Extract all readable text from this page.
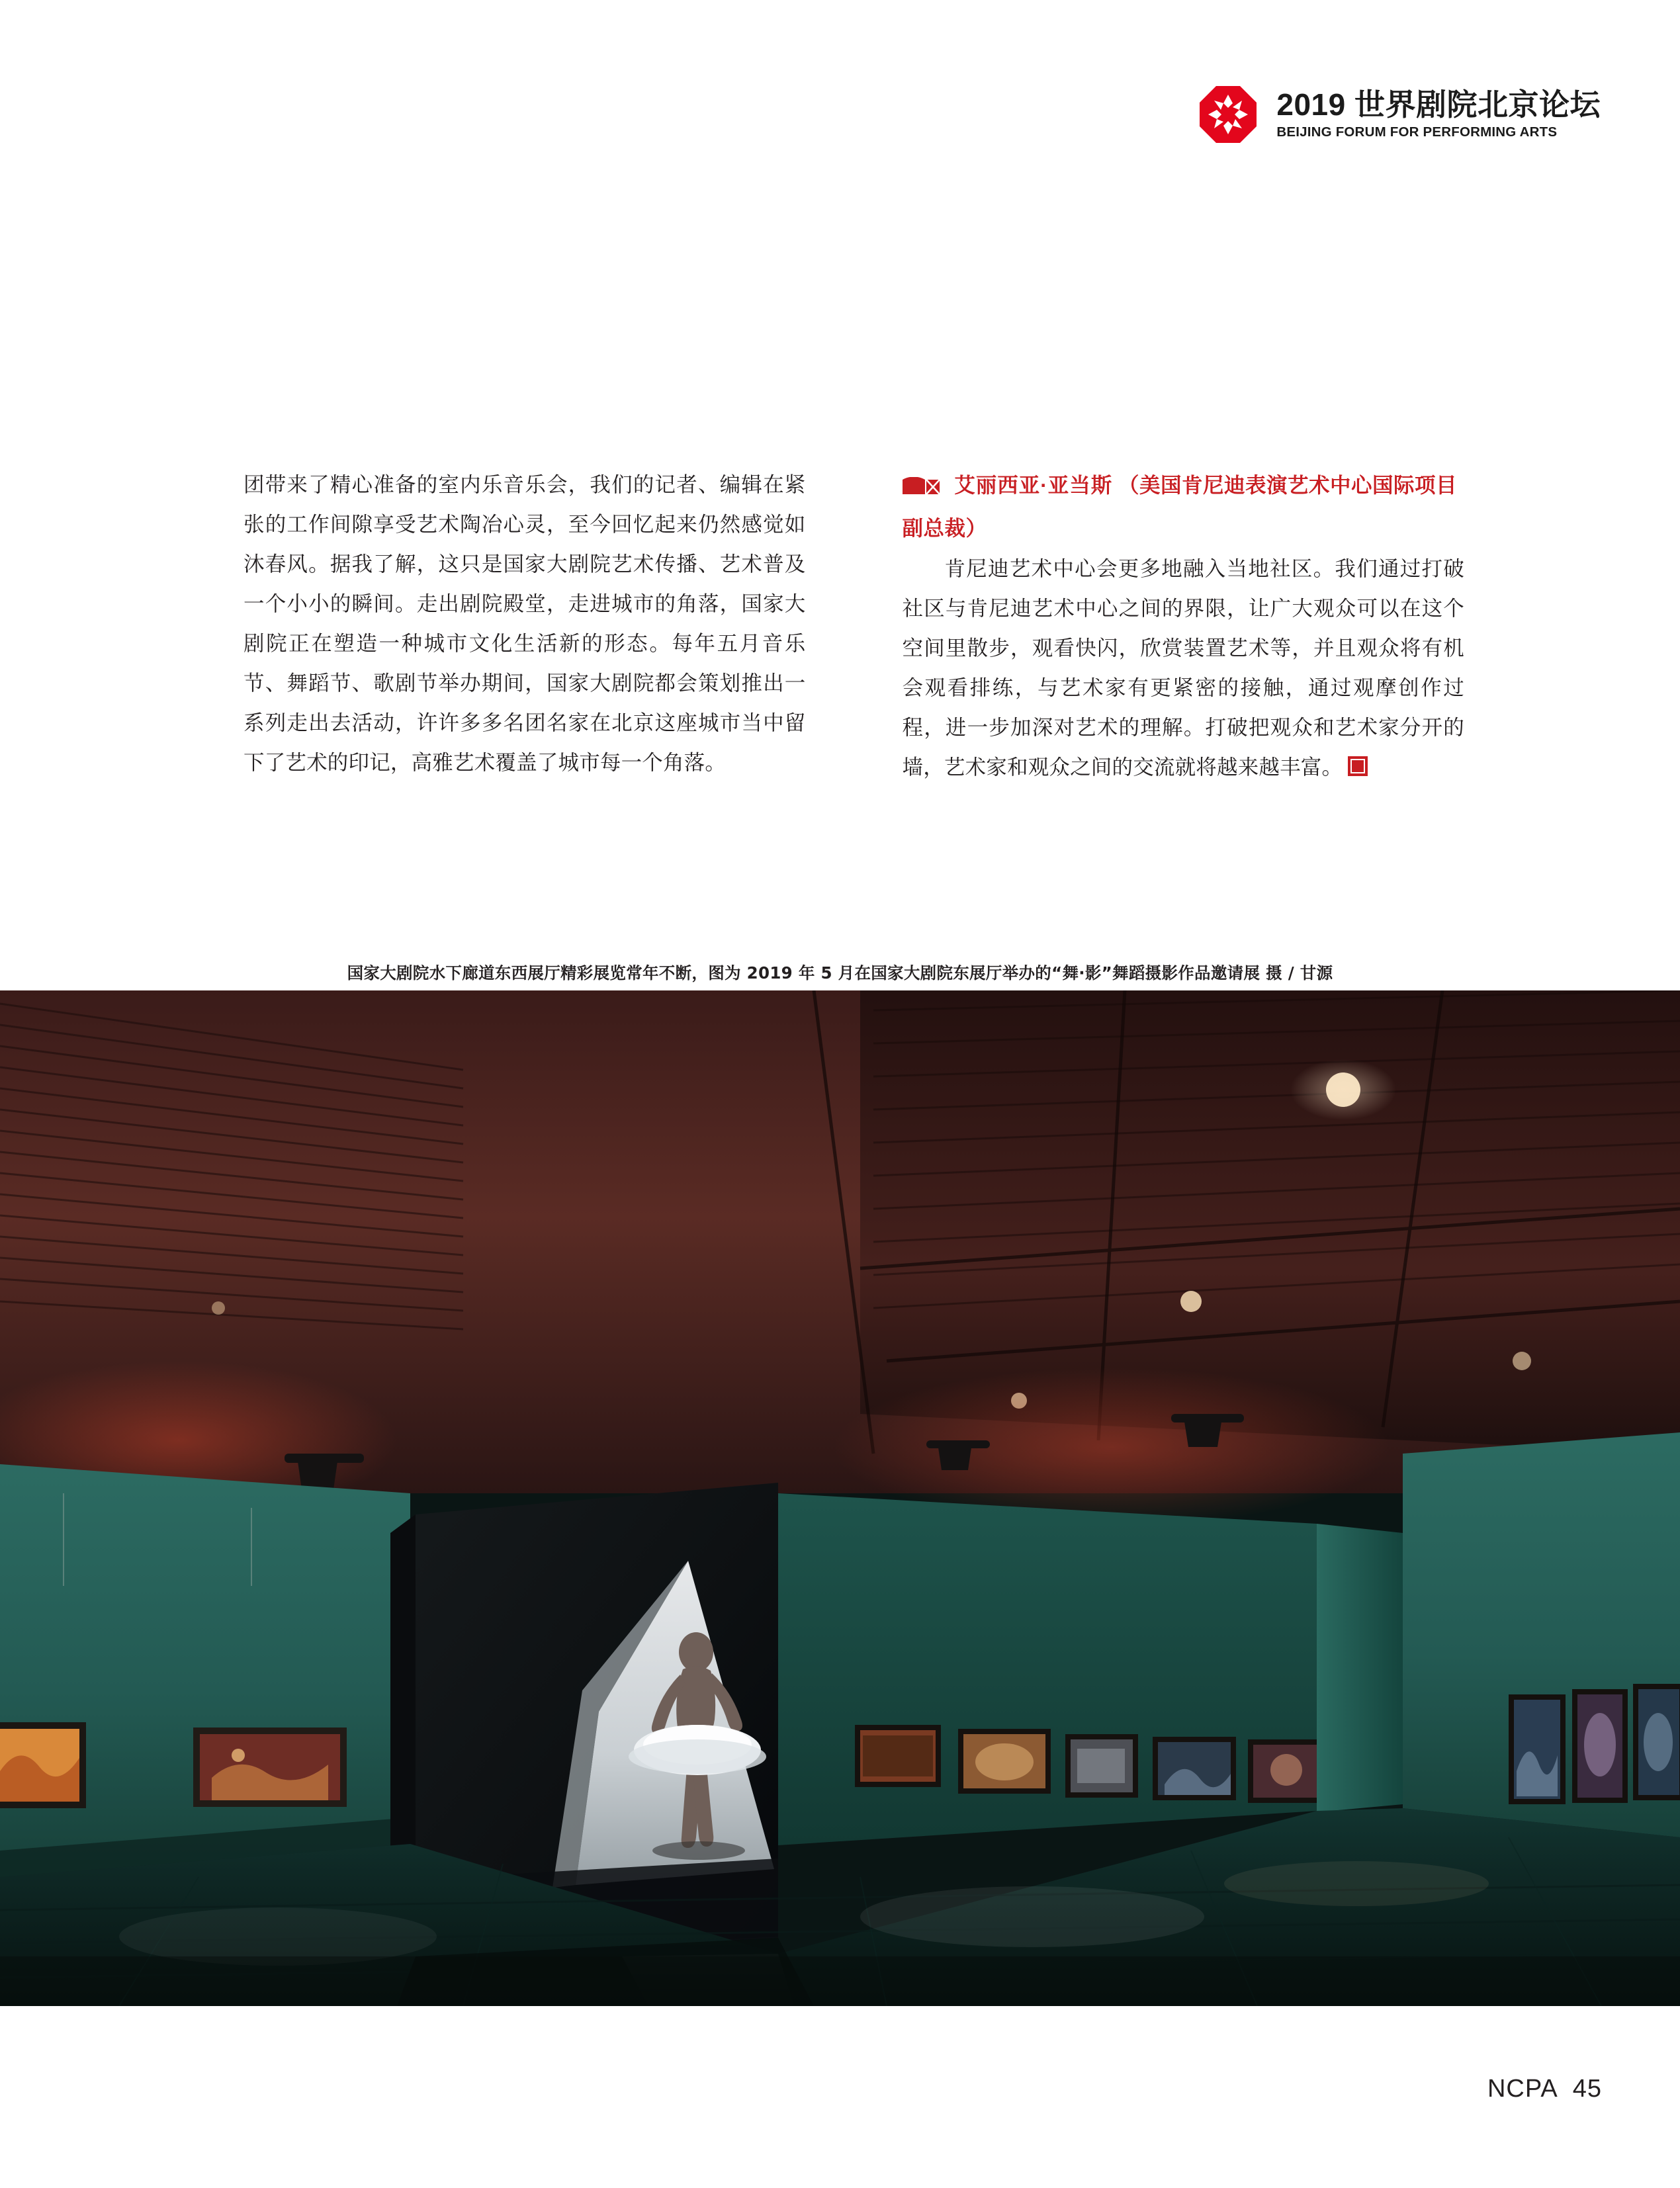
2019 世界剧院北京论坛
BEIJING FORUM FOR PERFORMING ARTS

团带来了精心准备的室内乐音乐会，我们的记者、编辑在紧张的工作间隙享受艺术陶冶心灵，至今回忆起来仍然感觉如沐春风。据我了解，这只是国家大剧院艺术传播、艺术普及一个小小的瞬间。走出剧院殿堂，走进城市的角落，国家大剧院正在塑造一种城市文化生活新的形态。每年五月音乐节、舞蹈节、歌剧节举办期间，国家大剧院都会策划推出一系列走出去活动，许许多多名团名家在北京这座城市当中留下了艺术的印记，高雅艺术覆盖了城市每一个角落。

艾丽西亚·亚当斯 （美国肯尼迪表演艺术中心国际项目副总裁）

肯尼迪艺术中心会更多地融入当地社区。我们通过打破社区与肯尼迪艺术中心之间的界限，让广大观众可以在这个空间里散步，观看快闪，欣赏装置艺术等，并且观众将有机会观看排练，与艺术家有更紧密的接触，通过观摩创作过程，进一步加深对艺术的理解。打破把观众和艺术家分开的墙，艺术家和观众之间的交流就将越来越丰富。

国家大剧院水下廊道东西展厅精彩展览常年不断，图为 2019 年 5 月在国家大剧院东展厅举办的“舞·影”舞蹈摄影作品邀请展 摄 / 甘源
NCPA 45
